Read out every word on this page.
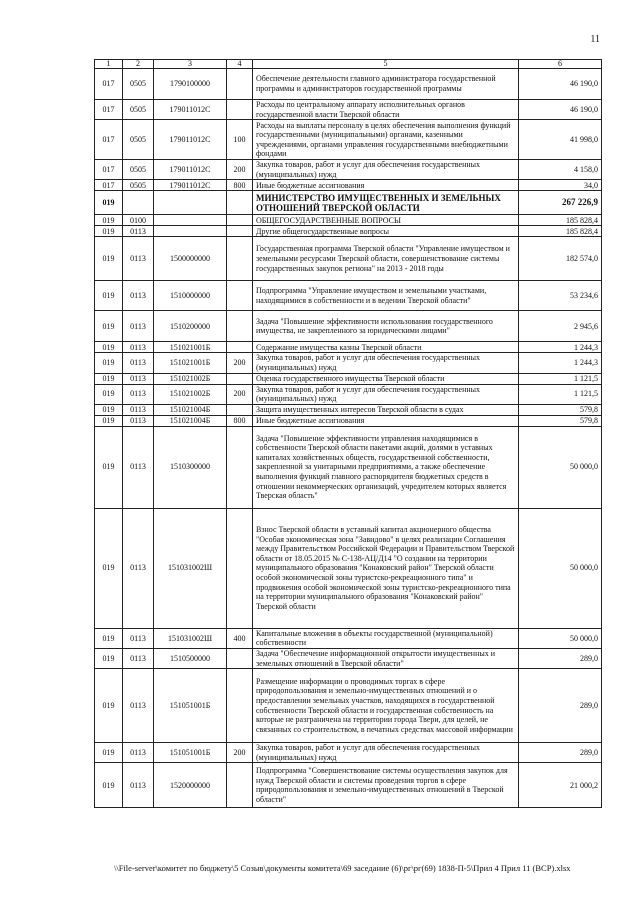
11
1	2	3	4	5	6
017	0505	1790100000		Обеспечение деятельности главного администратора государственной программы и администраторов государственной программы	46 190,0
017	0505	179011012С		Расходы по центральному аппарату исполнительных органов государственной власти Тверской области	46 190,0
017	0505	179011012С	100	Расходы на выплаты персоналу в целях обеспечения выполнения функций государственными (муниципальными) органами, казенными учреждениями, органами управления государственными внебюджетными фондами	41 998,0
017	0505	179011012С	200	Закупка товаров, работ и услуг для обеспечения государственных (муниципальных) нужд	4 158,0
017	0505	179011012С	800	Иные бюджетные ассигнования	34,0
019				МИНИСТЕРСТВО ИМУЩЕСТВЕННЫХ И ЗЕМЕЛЬНЫХ ОТНОШЕНИЙ ТВЕРСКОЙ ОБЛАСТИ	267 226,9
019	0100			ОБЩЕГОСУДАРСТВЕННЫЕ ВОПРОСЫ	185 828,4
019	0113			Другие общегосударственные вопросы	185 828,4
019	0113	1500000000		Государственная программа Тверской области "Управление имуществом и земельными ресурсами Тверской области, совершенствование системы государственных закупок региона" на 2013 - 2018 годы	182 574,0
019	0113	1510000000		Подпрограмма "Управление имуществом и земельными участками, находящимися в собственности и в ведении Тверской области"	53 234,6
019	0113	1510200000		Задача "Повышение эффективности использования государственного имущества, не закрепленного за юридическими лицами"	2 945,6
019	0113	151021001Б		Содержание имущества казны Тверской области	1 244,3
019	0113	151021001Б	200	Закупка товаров, работ и услуг для обеспечения государственных (муниципальных) нужд	1 244,3
019	0113	151021002Б		Оценка государственного имущества Тверской области	1 121,5
019	0113	151021002Б	200	Закупка товаров, работ и услуг для обеспечения государственных (муниципальных) нужд	1 121,5
019	0113	151021004Б		Защита имущественных интересов Тверской области в судах	579,8
019	0113	151021004Б	800	Иные бюджетные ассигнования	579,8
019	0113	1510300000		Задача "Повышение эффективности управления находящимися в собственности Тверской области пакетами акций, долями в уставных капиталах хозяйственных обществ, государственной собственности, закрепленной за унитарными предприятиями, а также обеспечение выполнения функций главного распорядителя бюджетных средств в отношении некоммерческих организаций, учредителем которых является Тверская область"	50 000,0
019	0113	151031002Ш		Взнос Тверской области в уставный капитал акционерного общества "Особая экономическая зона "Завидово" в целях реализации Соглашения между Правительством Российской Федерации и Правительством Тверской области от 18.05.2015 № С-138-АЦ/Д14 "О создании на территории муниципального образования "Конаковский район" Тверской области особой экономической зоны туристско-рекреационного типа" и продвижения особой экономической зоны туристско-рекреационного типа на территории муниципального образования "Конаковский район" Тверской области	50 000,0
019	0113	151031002Ш	400	Капитальные вложения в объекты государственной (муниципальной) собственности	50 000,0
019	0113	1510500000		Задача "Обеспечение информационной открытости имущественных и земельных отношений в Тверской области"	289,0
019	0113	151051001Б		Размещение информации о проводимых торгах в сфере природопользования и земельно-имущественных отношений и о предоставлении земельных участков, находящихся в государственной собственности Тверской области и государственная собственность на которые не разграничена на территории города Твери, для целей, не связанных со строительством, в печатных средствах массовой информации	289,0
019	0113	151051001Б	200	Закупка товаров, работ и услуг для обеспечения государственных (муниципальных) нужд	289,0
019	0113	1520000000		Подпрограмма "Совершенствование системы осуществления закупок для нужд Тверской области и системы проведения торгов в сфере природопользования и земельно-имущественных отношений в Тверской области"	21 000,2
\\File-server\комитет по бюджету\5 Созыв\документы комитета\69 заседание (6)\рг\рг(69) 1838-П-5\Прил 4 Прил 11 (ВСР).xlsx
